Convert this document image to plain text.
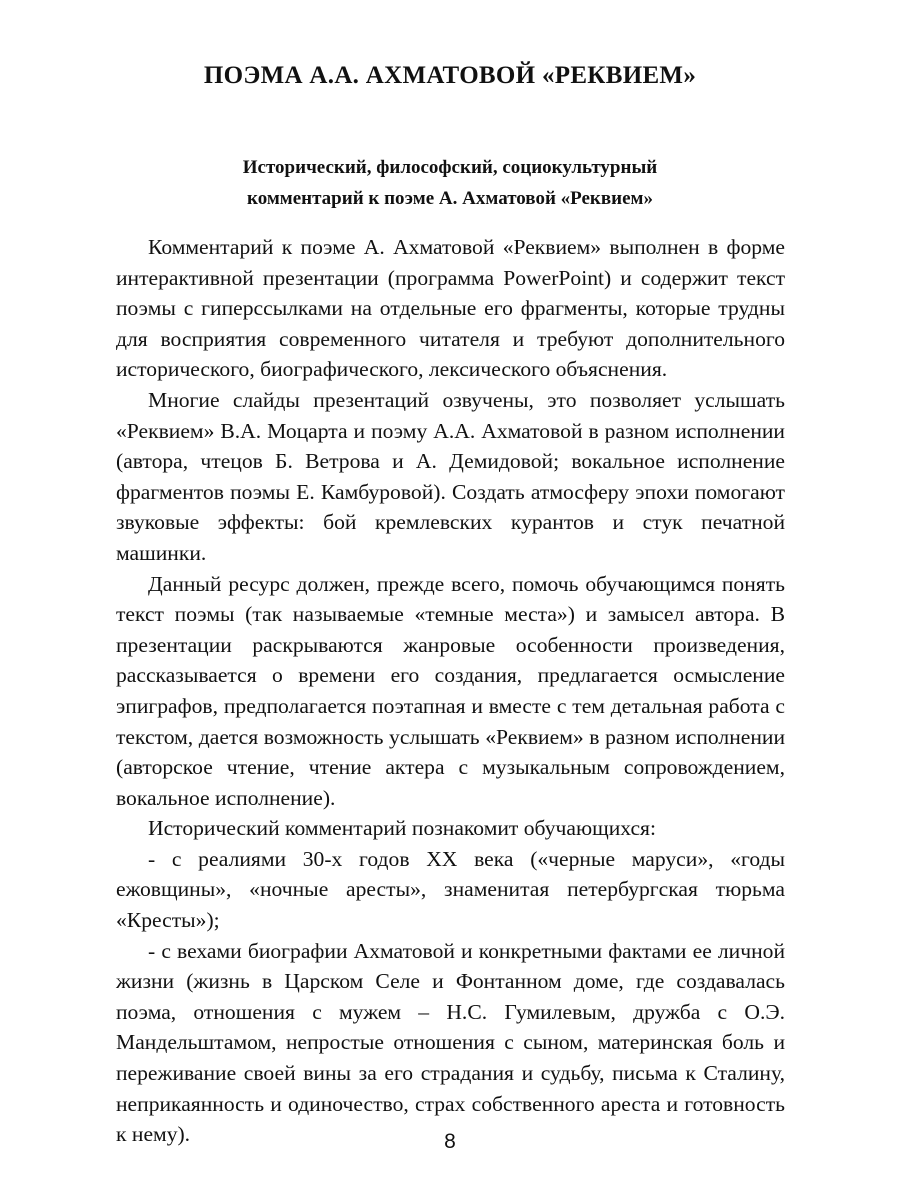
ПОЭМА А.А. АХМАТОВОЙ «РЕКВИЕМ»
Исторический, философский, социокультурный
комментарий к поэме А. Ахматовой «Реквием»

Комментарий к поэме А. Ахматовой «Реквием» выполнен в форме интерактивной презентации (программа PowerPoint) и содержит текст поэмы с гиперссылками на отдельные его фрагменты, которые трудны для восприятия современного читателя и требуют дополнительного исторического, биографического, лексического объяснения.

Многие слайды презентаций озвучены, это позволяет услышать «Реквием» В.А. Моцарта и поэму А.А. Ахматовой в разном исполнении (автора, чтецов Б. Ветрова и А. Демидовой; вокальное исполнение фрагментов поэмы Е. Камбуровой). Создать атмосферу эпохи помогают звуковые эффекты: бой кремлевских курантов и стук печатной машинки.

Данный ресурс должен, прежде всего, помочь обучающимся понять текст поэмы (так называемые «темные места») и замысел автора. В презентации раскрываются жанровые особенности произведения, рассказывается о времени его создания, предлагается осмысление эпиграфов, предполагается поэтапная и вместе с тем детальная работа с текстом, дается возможность услышать «Реквием» в разном исполнении (авторское чтение, чтение актера с музыкальным сопровождением, вокальное исполнение).

Исторический комментарий познакомит обучающихся:

- с реалиями 30-х годов XX века («черные маруси», «годы ежовщины», «ночные аресты», знаменитая петербургская тюрьма «Кресты»);

- с вехами биографии Ахматовой и конкретными фактами ее личной жизни (жизнь в Царском Селе и Фонтанном доме, где создавалась поэма, отношения с мужем – Н.С. Гумилевым, дружба с О.Э. Мандельштамом, непростые отношения с сыном, материнская боль и переживание своей вины за его страдания и судьбу, письма к Сталину, неприкаянность и одиночество, страх собственного ареста и готовность к нему).	8
